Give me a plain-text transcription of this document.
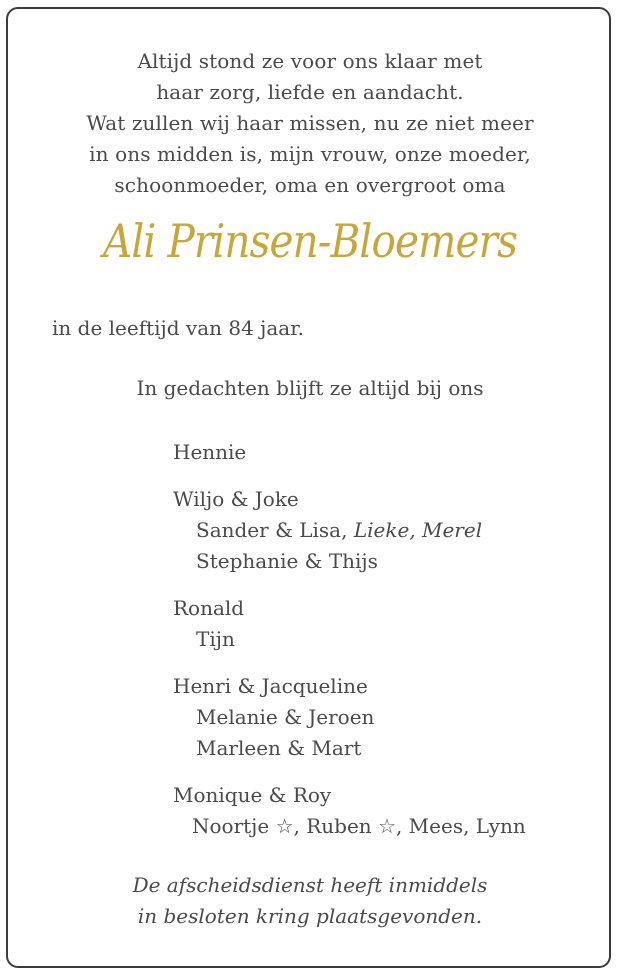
Altijd stond ze voor ons klaar met
haar zorg, liefde en aandacht.
Wat zullen wij haar missen, nu ze niet meer
in ons midden is, mijn vrouw, onze moeder,
schoonmoeder, oma en overgroot oma
Ali Prinsen-Bloemers
in de leeftijd van 84 jaar.
In gedachten blijft ze altijd bij ons
Hennie
Wiljo & Joke
Sander & Lisa, Lieke, Merel
Stephanie & Thijs
Ronald
Tijn
Henri & Jacqueline
Melanie & Jeroen
Marleen & Mart
Monique & Roy
Noortje ☆, Ruben ☆, Mees, Lynn
De afscheidsdienst heeft inmiddels
in besloten kring plaatsgevonden.
